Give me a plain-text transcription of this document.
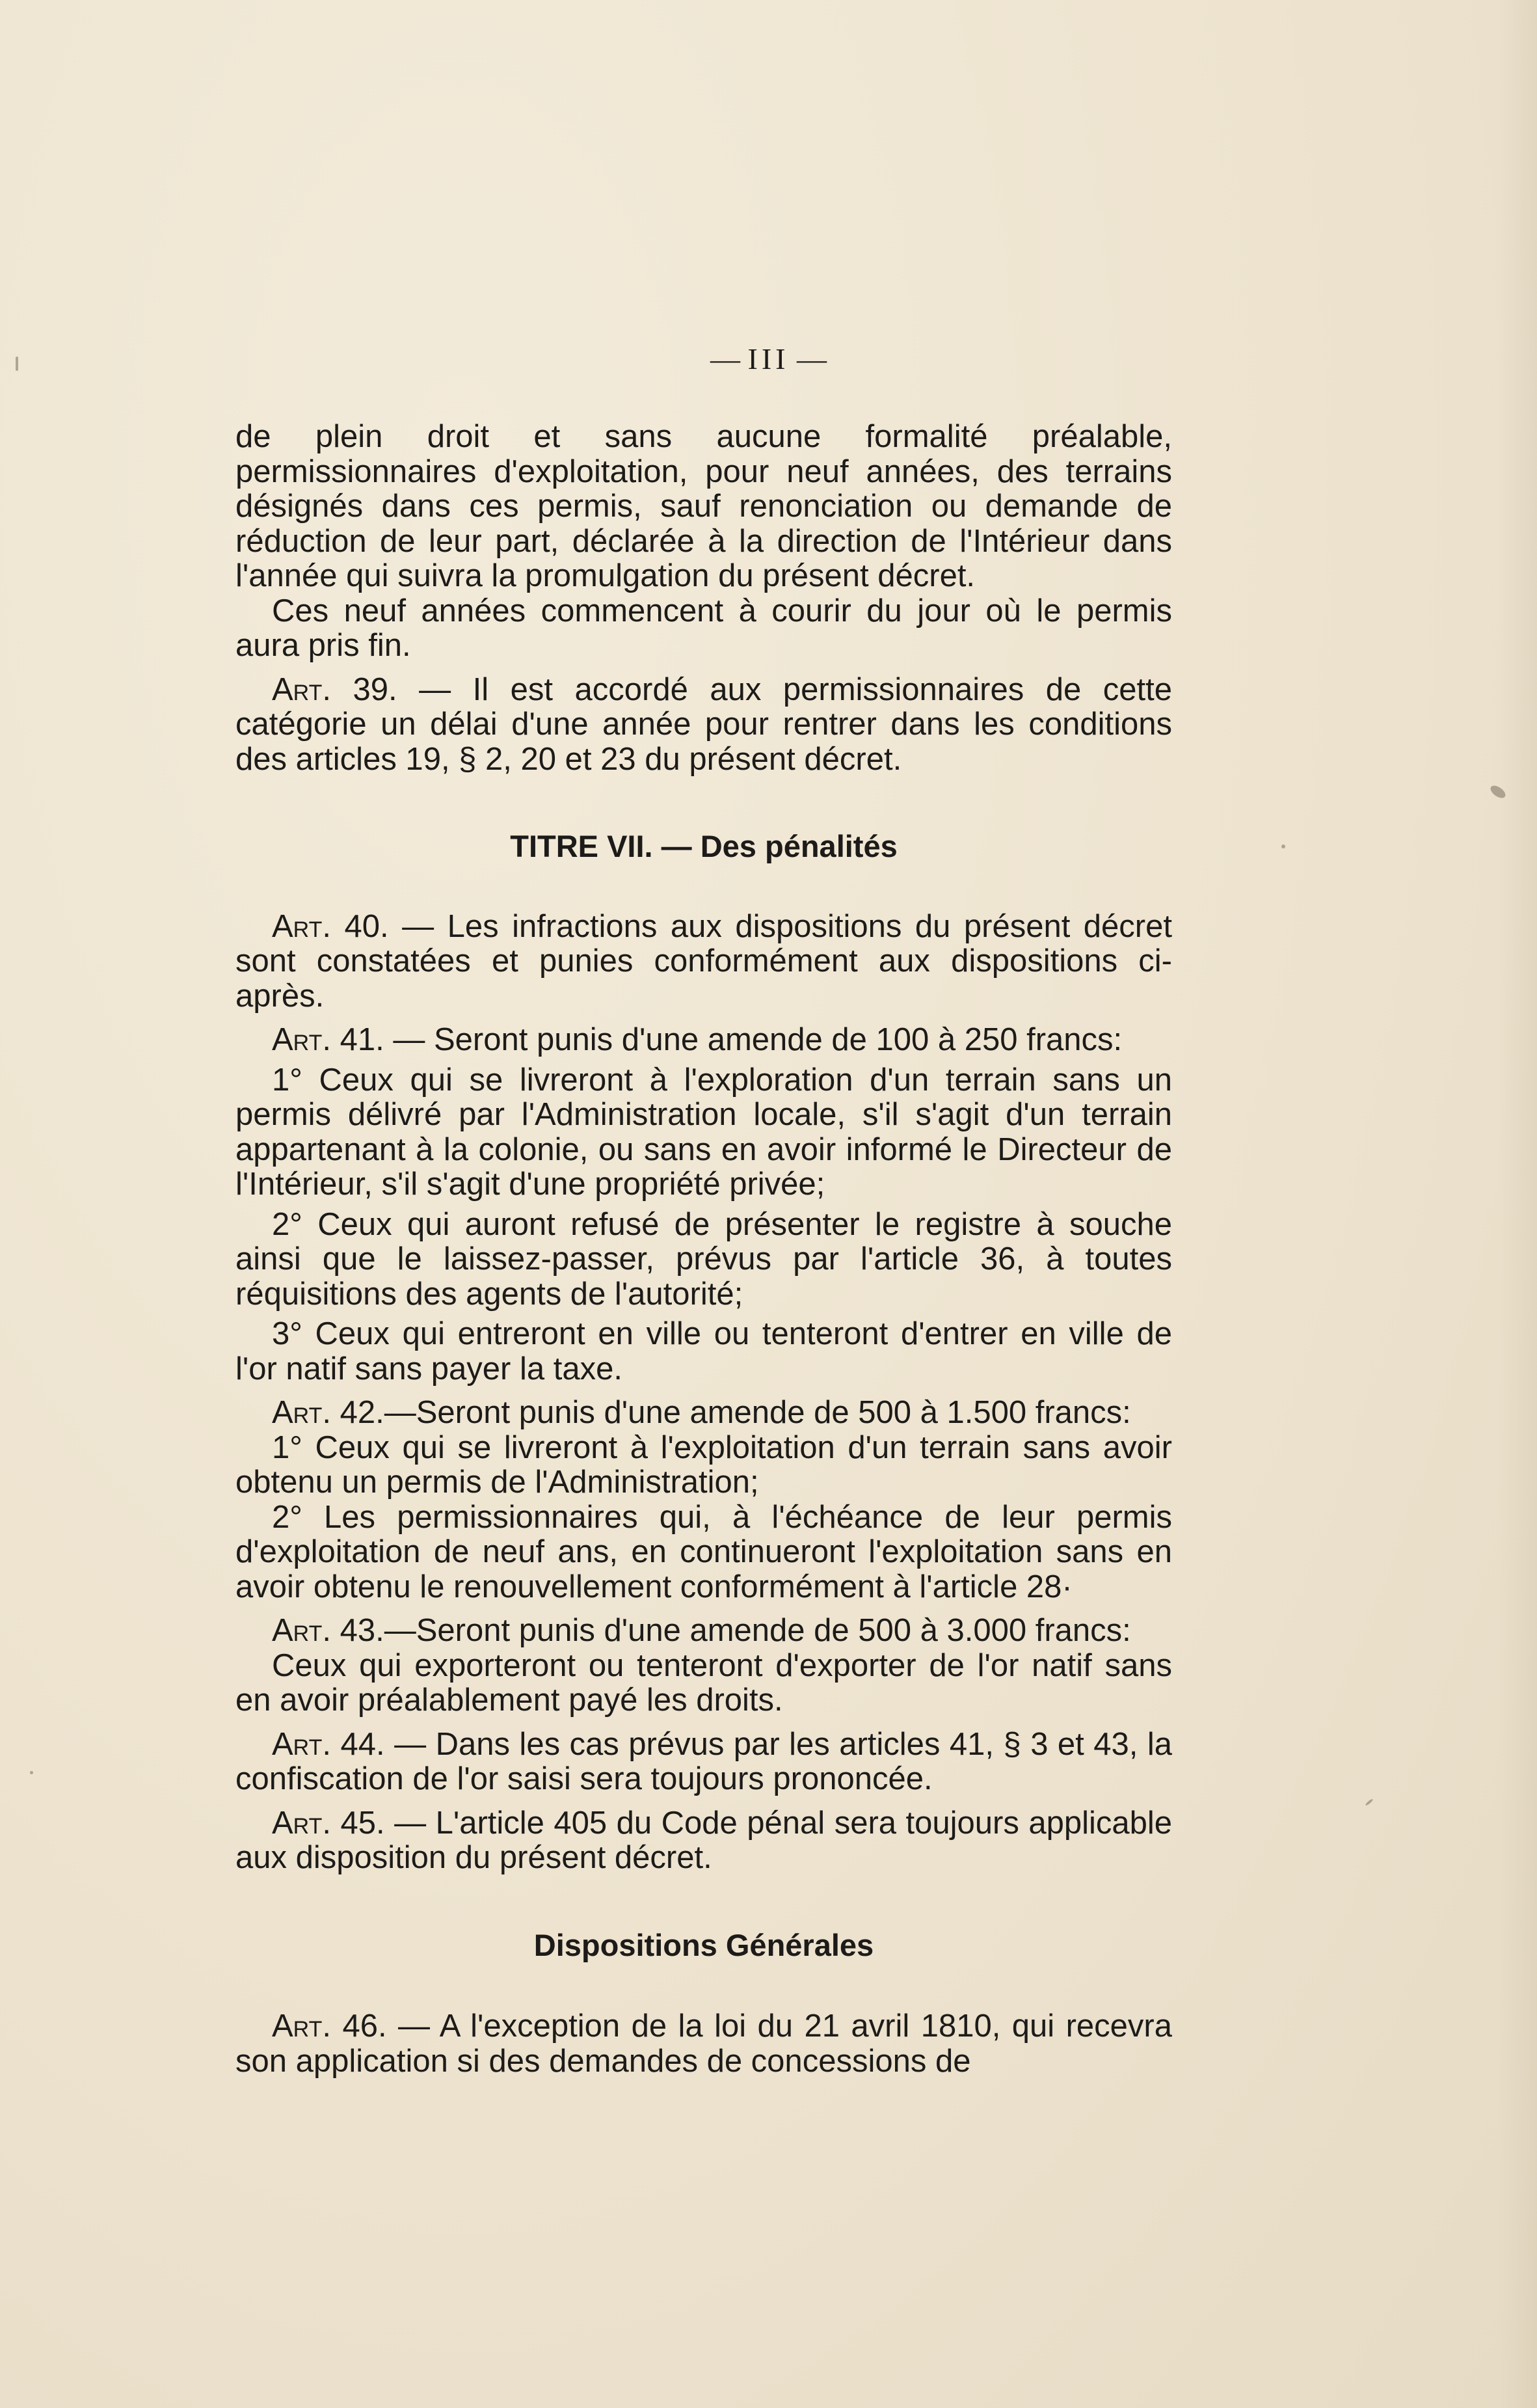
— III —

de plein droit et sans aucune formalité préalable, permissionnaires d'exploitation, pour neuf années, des terrains désignés dans ces permis, sauf renonciation ou demande de réduction de leur part, déclarée à la direction de l'Intérieur dans l'année qui suivra la promulgation du présent décret.

Ces neuf années commencent à courir du jour où le permis aura pris fin.

Art. 39. — Il est accordé aux permissionnaires de cette catégorie un délai d'une année pour rentrer dans les conditions des articles 19, § 2, 20 et 23 du présent décret.

TITRE VII. — Des pénalités

Art. 40. — Les infractions aux dispositions du présent décret sont constatées et punies conformément aux dispositions ci-après.

Art. 41. — Seront punis d'une amende de 100 à 250 francs:

1° Ceux qui se livreront à l'exploration d'un terrain sans un permis délivré par l'Administration locale, s'il s'agit d'un terrain appartenant à la colonie, ou sans en avoir informé le Directeur de l'Intérieur, s'il s'agit d'une propriété privée;

2° Ceux qui auront refusé de présenter le registre à souche ainsi que le laissez-passer, prévus par l'article 36, à toutes réquisitions des agents de l'autorité;

3° Ceux qui entreront en ville ou tenteront d'entrer en ville de l'or natif sans payer la taxe.

Art. 42.—Seront punis d'une amende de 500 à 1.500 francs:

1° Ceux qui se livreront à l'exploitation d'un terrain sans avoir obtenu un permis de l'Administration;

2° Les permissionnaires qui, à l'échéance de leur permis d'exploitation de neuf ans, en continueront l'exploitation sans en avoir obtenu le renouvellement conformément à l'article 28·

Art. 43.—Seront punis d'une amende de 500 à 3.000 francs:

Ceux qui exporteront ou tenteront d'exporter de l'or natif sans en avoir préalablement payé les droits.

Art. 44. — Dans les cas prévus par les articles 41, § 3 et 43, la confiscation de l'or saisi sera toujours prononcée.

Art. 45. — L'article 405 du Code pénal sera toujours applicable aux disposition du présent décret.

Dispositions Générales

Art. 46. — A l'exception de la loi du 21 avril 1810, qui recevra son application si des demandes de concessions de
